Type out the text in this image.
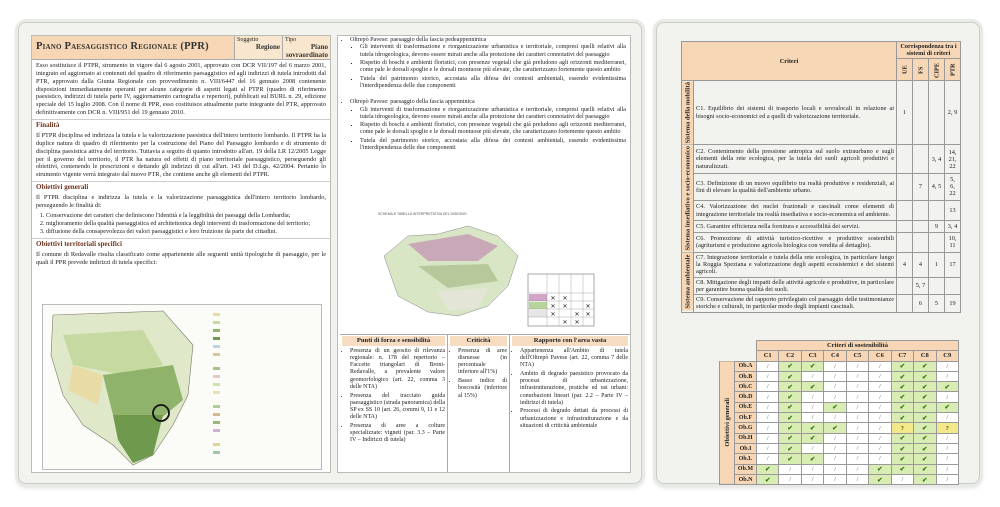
Piano Paesaggistico Regionale (PPR)
Soggetto
Regione
Tipo
Piano sovraordinato

Esso sostituisce il PTPR, strumento in vigore dal 6 agosto 2001, approvato con DCR VII/197 del 6 marzo 2001, integrato ed aggiornato ai contenuti del quadro di riferimento paesaggistico ed agli indirizzi di tutela introdotti dal PTR, approvato dalla Giunta Regionale con provvedimento n. VIII/6447 del 16 gennaio 2008 contenente disposizioni immediatamente operanti per alcune categorie di aspetti legati al PTPR (quadro di riferimento paesistico, indirizzi di tutela parte IV, aggiornamento cartografia e repertori), pubblicati sul BURL n. 29, edizione speciale del 15 luglio 2008. Con il nome di PPR, esso costituisce attualmente parte integrante del PTR, approvato definitivamente con DCR n. VIII/951 del 19 gennaio 2010.

Finalità

Il PTPR disciplina ed indirizza la tutela e la valorizzazione paesistica dell'intero territorio lombardo. Il PTPR ha la duplice natura di quadro di riferimento per la costruzione del Piano del Paesaggio lombardo e di strumento di disciplina paesistica attiva del territorio. Tuttavia a seguito di quanto introdotto all'art. 19 della LR 12/2005 Legge per il governo del territorio, il PTR ha natura ed effetti di piano territoriale paesaggistico, perseguendo gli obiettivi, contenendo le prescrizioni e dettando gli indirizzi di cui all'art. 143 del D.Lgs. 42/2004. Pertanto lo strumento vigente verrà integrato dal nuovo PTR, che contiene anche gli elementi del PTPR.

Obiettivi generali

Il PTPR disciplina e indirizza la tutela e la valorizzazione paesaggistica dell'intero territorio lombardo, perseguendo le finalità di:

1. Conservazione dei caratteri che definiscono l'identità e la leggibilità dei paesaggi della Lombardia;
2. miglioramento della qualità paesaggistica ed architettonica degli interventi di trasformazione del territorio;
3. diffusione della consapevolezza dei valori paesaggistici e loro fruizione da parte dei cittadini.
Obiettivi territoriali specifici

Il comune di Redavalle risulta classificato come appartenente alle seguenti unità tipologiche di paesaggio, per le quali il PPR prevede indirizzi di tutela specifici:

• Oltrepò Pavese: paesaggio della fascia pedeappenninica
▪ Gli interventi di trasformazione e riorganizzazione urbanistica e territoriale, compresi quelli relativi alla tutela idrogeologica, devono essere mirati anche alla protezione dei caratteri connotativi del paesaggio
▪ Rispetto di boschi e ambienti floristici, con presenze vegetali che già preludono agli orizzonti mediterranei, come pale le dorsali spoglie e le dorsali montuose più elevate, che caratterizzano fortemente questo ambito
▪ Tutela del patrimonio storico, accostata alla difesa dei contesti ambientali, essendo evidentissima l'interdipendenza delle due componenti
• Oltrepò Pavese: paesaggio della fascia appenninica
▪ Gli interventi di trasformazione e riorganizzazione urbanistica e territoriale, compresi quelli relativi alla tutela idrogeologica, devono essere mirati anche alla protezione dei caratteri connotativi del paesaggio
▪ Rispetto di boschi e ambienti floristici, con presenze vegetali che già preludono agli orizzonti mediterranei, come pale le dorsali spoglie e le dorsali montuose più elevate, che caratterizzano fortemente questo ambito
▪ Tutela del patrimonio storico, accostata alla difesa dei contesti ambientali, essendo evidentissima l'interdipendenza delle due componenti
SCHEMA E TABELLA INTERPRETATIVA DEL DISEGNO
✕ ✕
✕ ✕	✕
✕	✕ ✕
✕ ✕
Punti di forza e sensibilità
• Presenza di un geosito di rilevanza regionale: n. 178 del repertorio – Faccette triangolari di Broni-Redavalle, a prevalente valore geomorfologico (art. 22, comma 3 delle NTA)
• Presenza del tracciato guida paesaggistico (strada panoramica) della SP ex SS 10 (art. 26, commi 9, 11 e 12 delle NTA)
• Presenza di aree a colture specializzate: vigneti (par. 3.3 – Parte IV – Indirizzi di tutela)
Criticità
• Presenza di aree dismesse (in percentuale inferiore all'1%)
• Basso indice di boscosità (inferiore al 15%)
Rapporto con l'area vasta
• Appartenenza all'Ambito di tutela dell'Oltrepò Pavese (art. 22, comma 7 delle NTA)
• Ambito di degrado paesistico provocato da processi di urbanizzazione, infrastrutturazione, pratiche ed usi urbani: conurbazioni lineari (par. 2.2 – Parte IV – indirizzi di tutela)
• Processi di degrado dettati da processi di urbanizzazione e infrastrutturazione e da situazioni di criticità ambientale
Criteri		Corrispondenza tra i sistemi di criteri			
		UE	FS	CIPE	PTR
Sistema della mobilità	C1. Equilibrio dei sistemi di trasporto locali e sovralocali in relazione ai bisogni socio-economici ed a quelli di valorizzazione territoriale.	1			2, 9
Sistema insediativo e socio-economico	C2. Contenimento della pressione antropica sul suolo extraurbano e sugli elementi della rete ecologica, per la tutela dei suoli agricoli produttivi e naturalizzati.			3, 4	14, 21, 22
	C3. Definizione di un nuovo equilibrio tra realtà produttive e residenziali, ai fini di elevare la qualità dell'ambiente urbano.		7	4, 5	5, 6, 22
	C4. Valorizzazione dei nuclei frazionali e cascinali come elementi di integrazione territoriale tra realtà insediativa e socio-economica ed ambiente.				13
	C5. Garantire efficienza nella fornitura e accessibilità dei servizi.			9	3, 4
	C6. Promozione di attività turistico-ricettive e produttive sostenibili (agriturismi e produzione agricola biologica con vendita al dettaglio).				10, 11
Sistema ambientale	C7. Integrazione territoriale e tutela della rete ecologica, in particolare lungo la Roggia Speziana e valorizzazione degli aspetti ecosistemici e dei sistemi agricoli.	4	4	1	17
	C8. Mitigazione degli impatti delle attività agricole e produttive, in particolare per garantire buona qualità dei suoli.		5, 7		
	C9. Conservazione del rapporto privilegiato col paesaggio delle testimonianze storiche e culturali, in particolar modo degli impianti cascinali.		6	5	19
		Criteri di sostenibilità								
		C1	C2	C3	C4	C5	C6	C7	C8	C9
Obiettivi generali	Ob.A	/	✔	✔	/	/	/	✔	✔	/
	Ob.B	/	✔	/	/	/	/	✔	✔	/
	Ob.C	/	✔	✔	/	/	/	✔	✔	✔
	Ob.D	/	✔	/	/	/	/	✔	✔	/
	Ob.E	/	✔	/	✔	/	/	✔	✔	✔
	Ob.F	/	✔	/	/	/	/	✔	✔	/
	Ob.G	/	✔	✔	✔	/	/	?	✔	?
	Ob.H	/	✔	✔	/	/	/	✔	✔	/
	Ob.I	/	✔	/	/	/	/	✔	✔	/
	Ob.L	/	✔	✔	/	/	/	✔	✔	/
	Ob.M	✔	/	/	/	/	✔	✔	✔	/
	Ob.N	✔	/	/	/	/	✔	/	✔	/
